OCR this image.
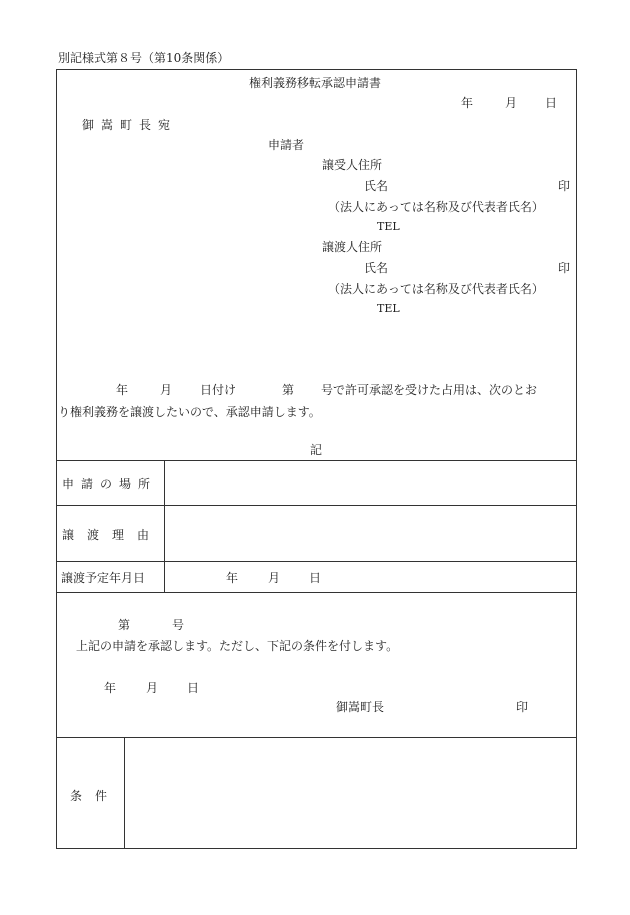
別記様式第８号（第10条関係）
権利義務移転承認申請書
年	月 日
御嵩町長宛
申請者
譲受人住所
氏名	印
（法人にあっては名称及び代表者氏名）
TEL
譲渡人住所
氏名	印
（法人にあっては名称及び代表者氏名）
TEL
年	月 日付け	第 号で許可承認を受けた占用は、次のとお
り権利義務を譲渡したいので、承認申請します。
記
申請の場所
譲渡理由
譲渡予定年月日	年 月 日
第	号
上記の申請を承認します。ただし、下記の条件を付します。
年 月 日
御嵩町長	印
条件
